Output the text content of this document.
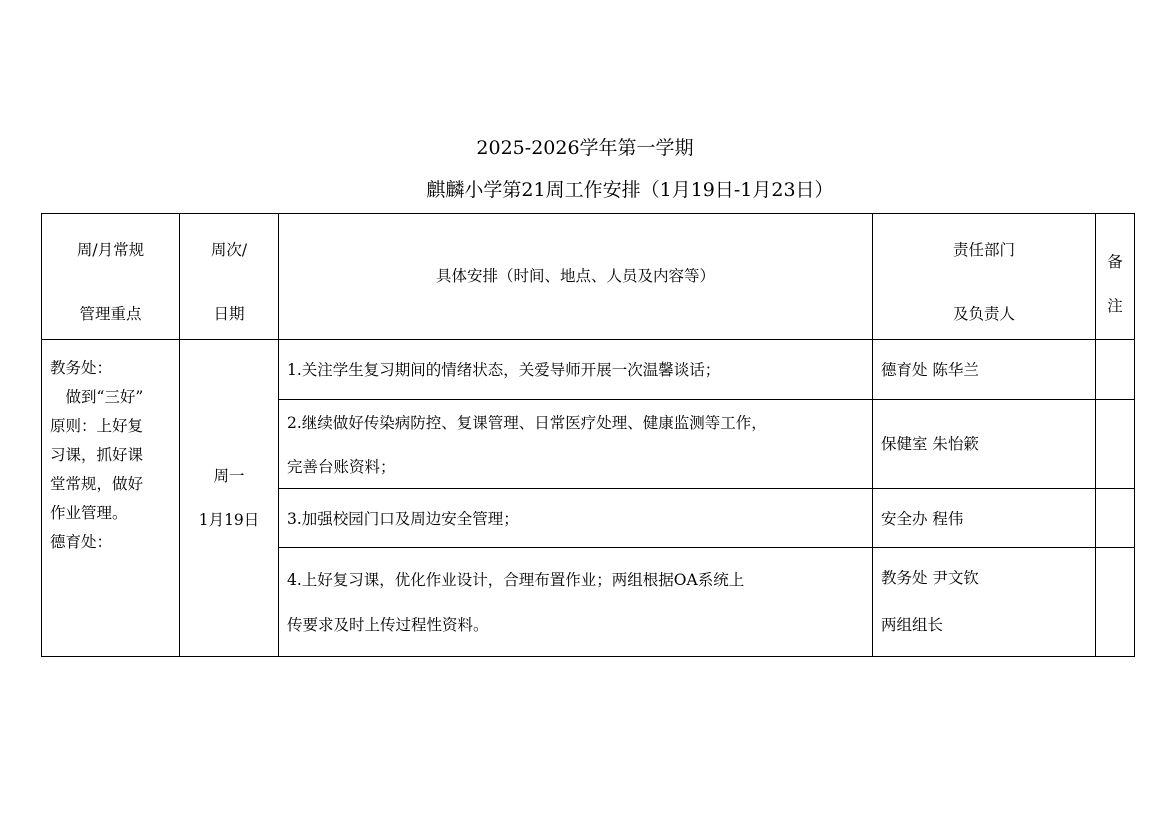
2025-2026学年第一学期
麒麟小学第21周工作安排（1月19日-1月23日）
周/月常规
管理重点
周次/
日期
具体安排（时间、地点、人员及内容等）
责任部门
及负责人
备
注
教务处：
　做到“三好”
原则：上好复
习课，抓好课
堂常规，做好
作业管理。
德育处：
周一
1月19日
1.关注学生复习期间的情绪状态，关爱导师开展一次温馨谈话；	德育处 陈华兰
2.继续做好传染病防控、复课管理、日常医疗处理、健康监测等工作，
完善台账资料；
保健室 朱怡簌
3.加强校园门口及周边安全管理；	安全办 程伟
4.上好复习课，优化作业设计，合理布置作业；两组根据OA系统上
传要求及时上传过程性资料。
教务处 尹文钦
两组组长
